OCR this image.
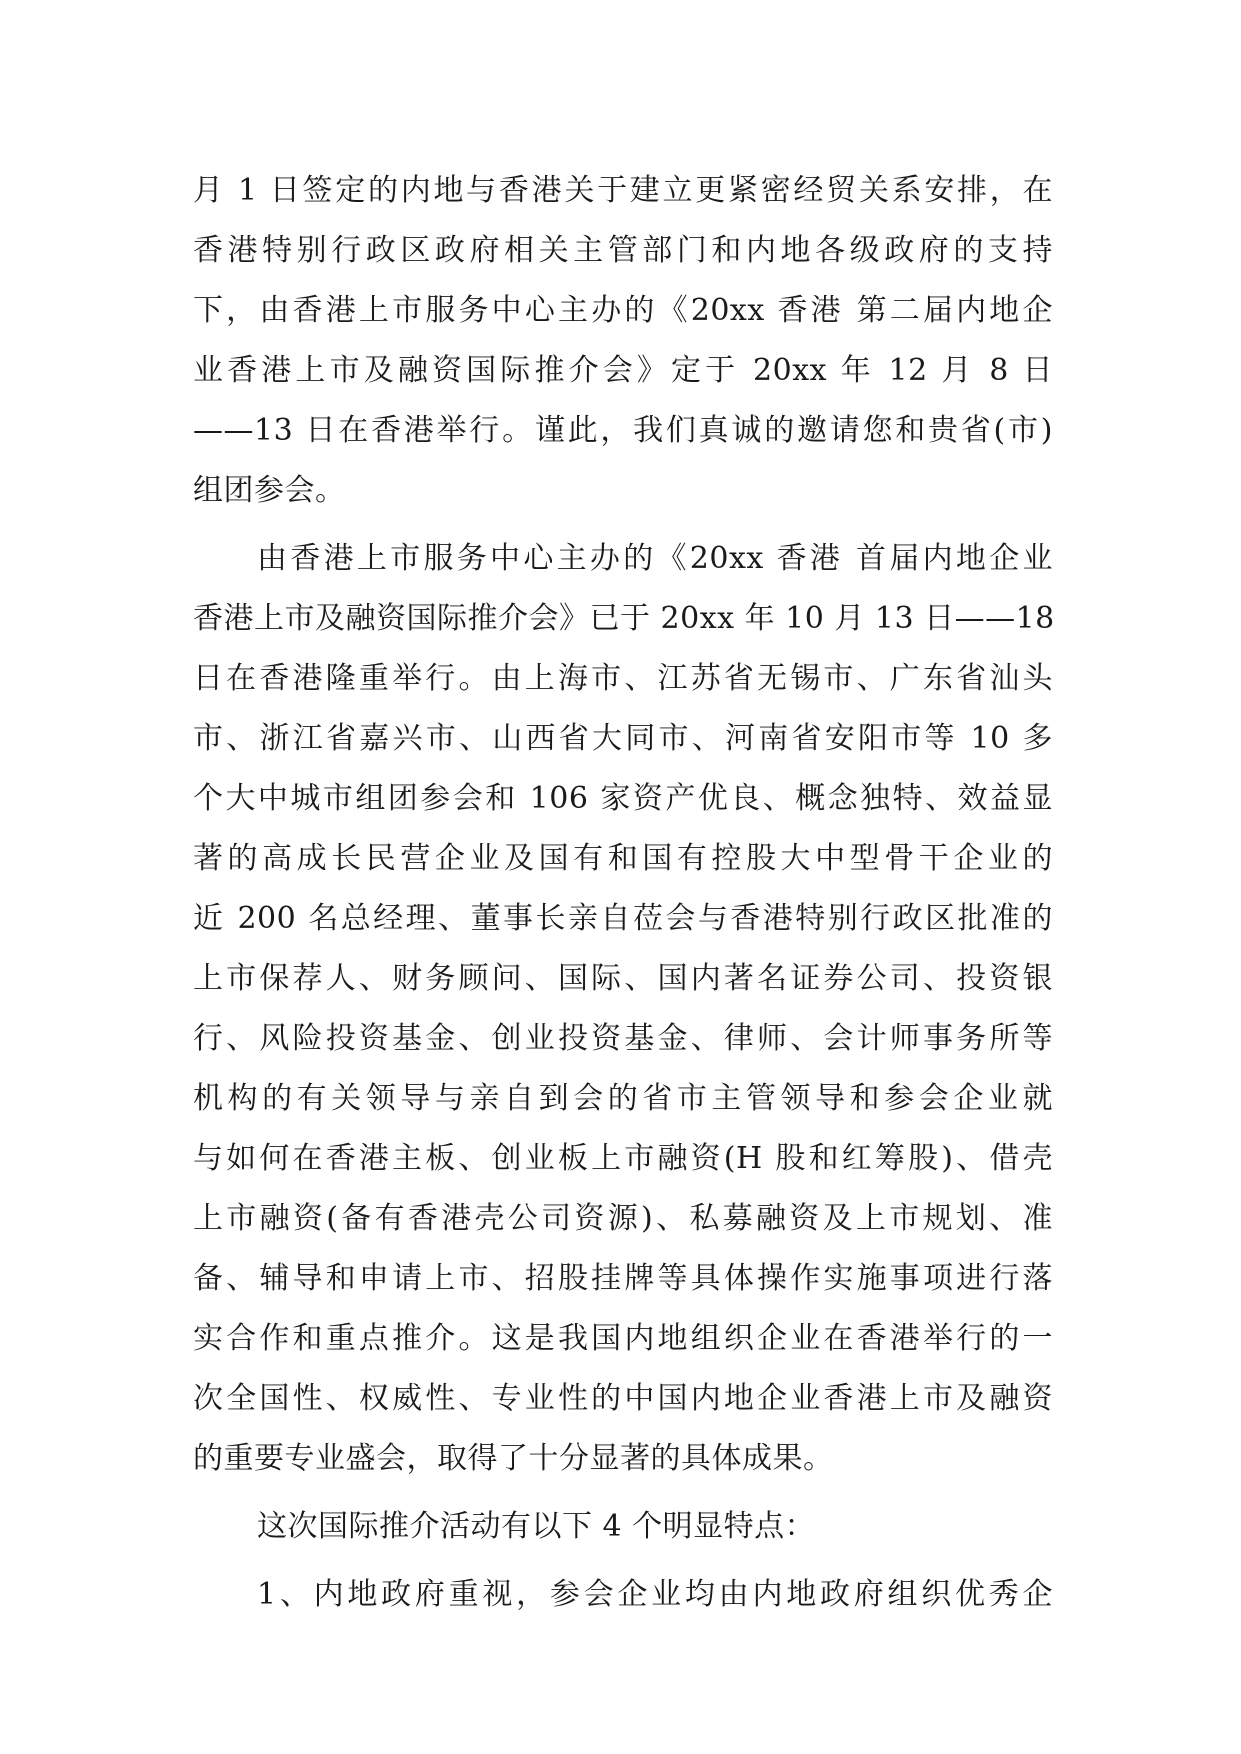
月 1 日签定的内地与香港关于建立更紧密经贸关系安排，在
香港特别行政区政府相关主管部门和内地各级政府的支持
下，由香港上市服务中心主办的《20xx 香港 第二届内地企
业香港上市及融资国际推介会》定于 20xx 年 12 月 8 日
——13 日在香港举行。谨此，我们真诚的邀请您和贵省(市)
组团参会。
由香港上市服务中心主办的《20xx 香港 首届内地企业
香港上市及融资国际推介会》已于 20xx 年 10 月 13 日——18
日在香港隆重举行。由上海市、江苏省无锡市、广东省汕头
市、浙江省嘉兴市、山西省大同市、河南省安阳市等 10 多
个大中城市组团参会和 106 家资产优良、概念独特、效益显
著的高成长民营企业及国有和国有控股大中型骨干企业的
近 200 名总经理、董事长亲自莅会与香港特别行政区批准的
上市保荐人、财务顾问、国际、国内著名证券公司、投资银
行、风险投资基金、创业投资基金、律师、会计师事务所等
机构的有关领导与亲自到会的省市主管领导和参会企业就
与如何在香港主板、创业板上市融资(H 股和红筹股)、借壳
上市融资(备有香港壳公司资源)、私募融资及上市规划、准
备、辅导和申请上市、招股挂牌等具体操作实施事项进行落
实合作和重点推介。这是我国内地组织企业在香港举行的一
次全国性、权威性、专业性的中国内地企业香港上市及融资
的重要专业盛会，取得了十分显著的具体成果。
这次国际推介活动有以下 4 个明显特点：
1、内地政府重视，参会企业均由内地政府组织优秀企
